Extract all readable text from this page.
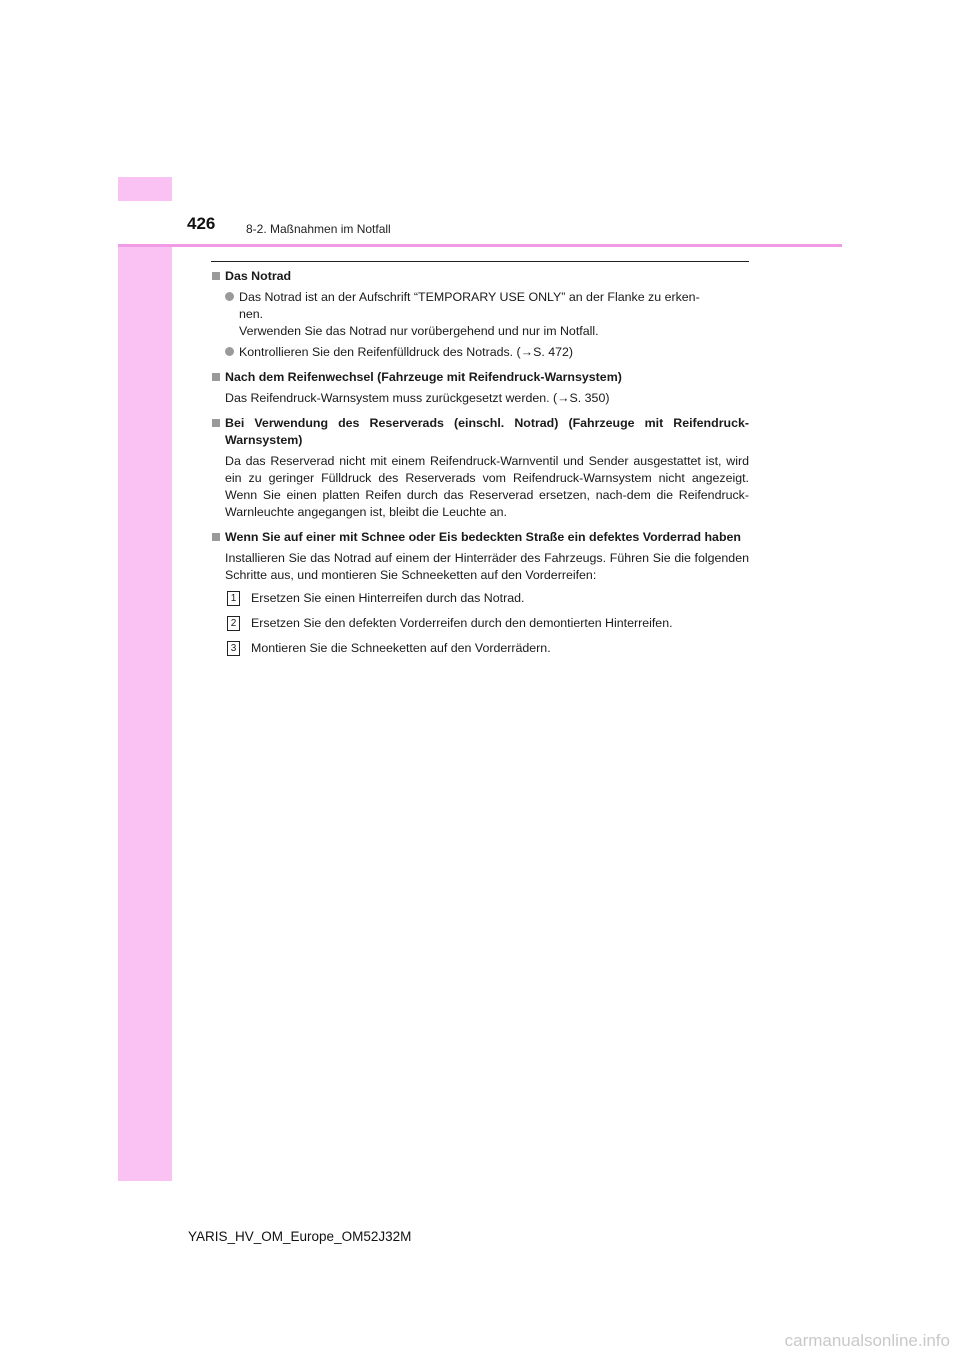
426	8-2. Maßnahmen im Notfall
Das Notrad
Das Notrad ist an der Aufschrift “TEMPORARY USE ONLY” an der Flanke zu erken-
nen.
Verwenden Sie das Notrad nur vorübergehend und nur im Notfall.
Kontrollieren Sie den Reifenfülldruck des Notrads. (→S. 472)
Nach dem Reifenwechsel (Fahrzeuge mit Reifendruck-Warnsystem)
Das Reifendruck-Warnsystem muss zurückgesetzt werden. (→S. 350)
Bei Verwendung des Reserverads (einschl. Notrad) (Fahrzeuge mit Reifendruck-Warnsystem)
Da das Reserverad nicht mit einem Reifendruck-Warnventil und Sender ausgestattet ist, wird ein zu geringer Fülldruck des Reserverads vom Reifendruck-Warnsystem nicht angezeigt. Wenn Sie einen platten Reifen durch das Reserverad ersetzen, nach-dem die Reifendruck-Warnleuchte angegangen ist, bleibt die Leuchte an.
Wenn Sie auf einer mit Schnee oder Eis bedeckten Straße ein defektes Vorderrad haben
Installieren Sie das Notrad auf einem der Hinterräder des Fahrzeugs. Führen Sie die folgenden Schritte aus, und montieren Sie Schneeketten auf den Vorderreifen:
1 Ersetzen Sie einen Hinterreifen durch das Notrad.
2 Ersetzen Sie den defekten Vorderreifen durch den demontierten Hinterreifen.
3 Montieren Sie die Schneeketten auf den Vorderrädern.
YARIS_HV_OM_Europe_OM52J32M
carmanualsonline.info
